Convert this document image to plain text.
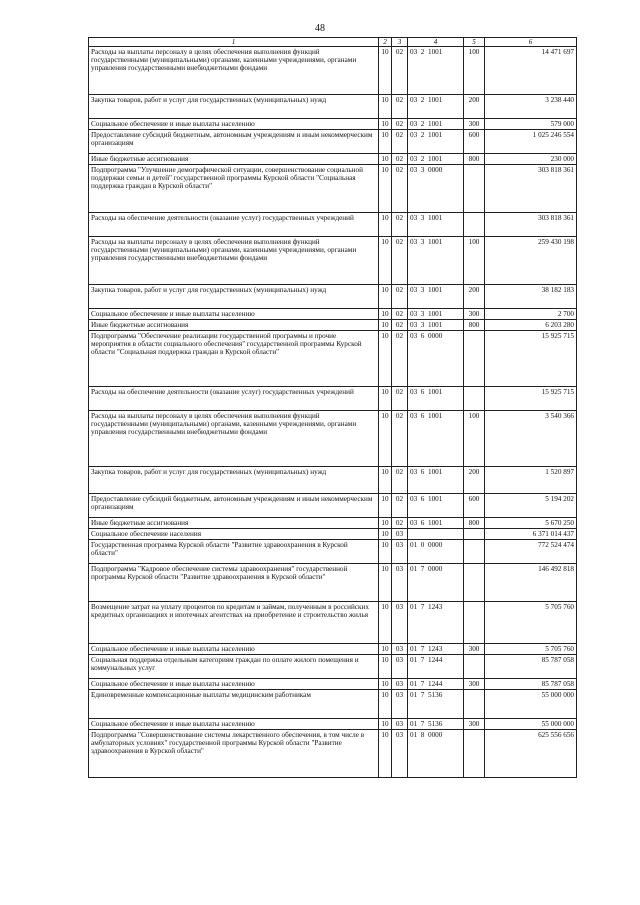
48
1	2	3	4	5	6
Расходы на выплаты персоналу в целях обеспечения выполнения функций государственными (муниципальными) органами, казенными учреждениями, органами управления государственными внебюджетными фондами	10	02	03  2  1001	100	14 471 697
Закупка товаров, работ и услуг для государственных (муниципальных) нужд	10	02	03  2  1001	200	3 238 440
Социальное обеспечение и иные выплаты населению	10	02	03  2  1001	300	579 000
Предоставление субсидий бюджетным, автономным учреждениям и иным некоммерческим организациям	10	02	03  2  1001	600	1 025 246 554
Иные бюджетные ассигнования	10	02	03  2  1001	800	230 000
Подпрограмма "Улучшение демографической ситуации, совершенствование социальной поддержки семьи и детей" государственной программы Курской области "Социальная поддержка граждан в Курской области"	10	02	03  3  0000		303 818 361
Расходы на обеспечение деятельности (оказание услуг) государственных учреждений	10	02	03  3  1001		303 818 361
Расходы на выплаты персоналу в целях обеспечения выполнения функций государственными (муниципальными) органами, казенными учреждениями, органами управления государственными внебюджетными фондами	10	02	03  3  1001	100	259 430 198
Закупка товаров, работ и услуг для государственных (муниципальных) нужд	10	02	03  3  1001	200	38 182 183
Социальное обеспечение и иные выплаты населению	10	02	03  3  1001	300	2 700
Иные бюджетные ассигнования	10	02	03  3  1001	800	6 203 280
Подпрограмма "Обеспечение реализации государственной программы и прочие мероприятия в области социального обеспечения" государственной программы Курской области "Социальная поддержка граждан в Курской области"	10	02	03  6  0000		15 925 715
Расходы на обеспечение деятельности (оказание услуг) государственных учреждений	10	02	03  6  1001		15 925 715
Расходы на выплаты персоналу в целях обеспечения выполнения функций государственными (муниципальными) органами, казенными учреждениями, органами управления государственными внебюджетными фондами	10	02	03  6  1001	100	3 540 366
Закупка товаров, работ и услуг для государственных (муниципальных) нужд	10	02	03  6  1001	200	1 520 897
Предоставление субсидий бюджетным, автономным учреждениям и иным некоммерческим организациям	10	02	03  6  1001	600	5 194 202
Иные бюджетные ассигнования	10	02	03  6  1001	800	5 670 250
Социальное обеспечение населения	10	03			6 371 014 437
Государственная программа Курской области "Развитие здравоохранения в Курской области"	10	03	01  0  0000		772 524 474
Подпрограмма "Кадровое обеспечение системы здравоохранения" государственной программы Курской области "Развитие здравоохранения в Курской области"	10	03	01  7  0000		146 492 818
Возмещение затрат на уплату процентов по кредитам и займам, полученным в российских кредитных организациях и ипотечных агентствах на приобретение и строительство жилья	10	03	01  7  1243		5 705 760
Социальное обеспечение и иные выплаты населению	10	03	01  7  1243	300	5 705 760
Социальная поддержка отдельным категориям граждан по оплате жилого помещения и коммунальных услуг	10	03	01  7  1244		85 787 058
Социальное обеспечение и иные выплаты населению	10	03	01  7  1244	300	85 787 058
Единовременные компенсационные выплаты медицинским работникам	10	03	01  7  5136		55 000 000
Социальное обеспечение и иные выплаты населению	10	03	01  7  5136	300	55 000 000
Подпрограмма "Совершенствование системы лекарственного обеспечения, в том числе в амбулаторных условиях" государственной программы Курской области "Развитие здравоохранения в Курской области"	10	03	01  8  0000		625 556 656
